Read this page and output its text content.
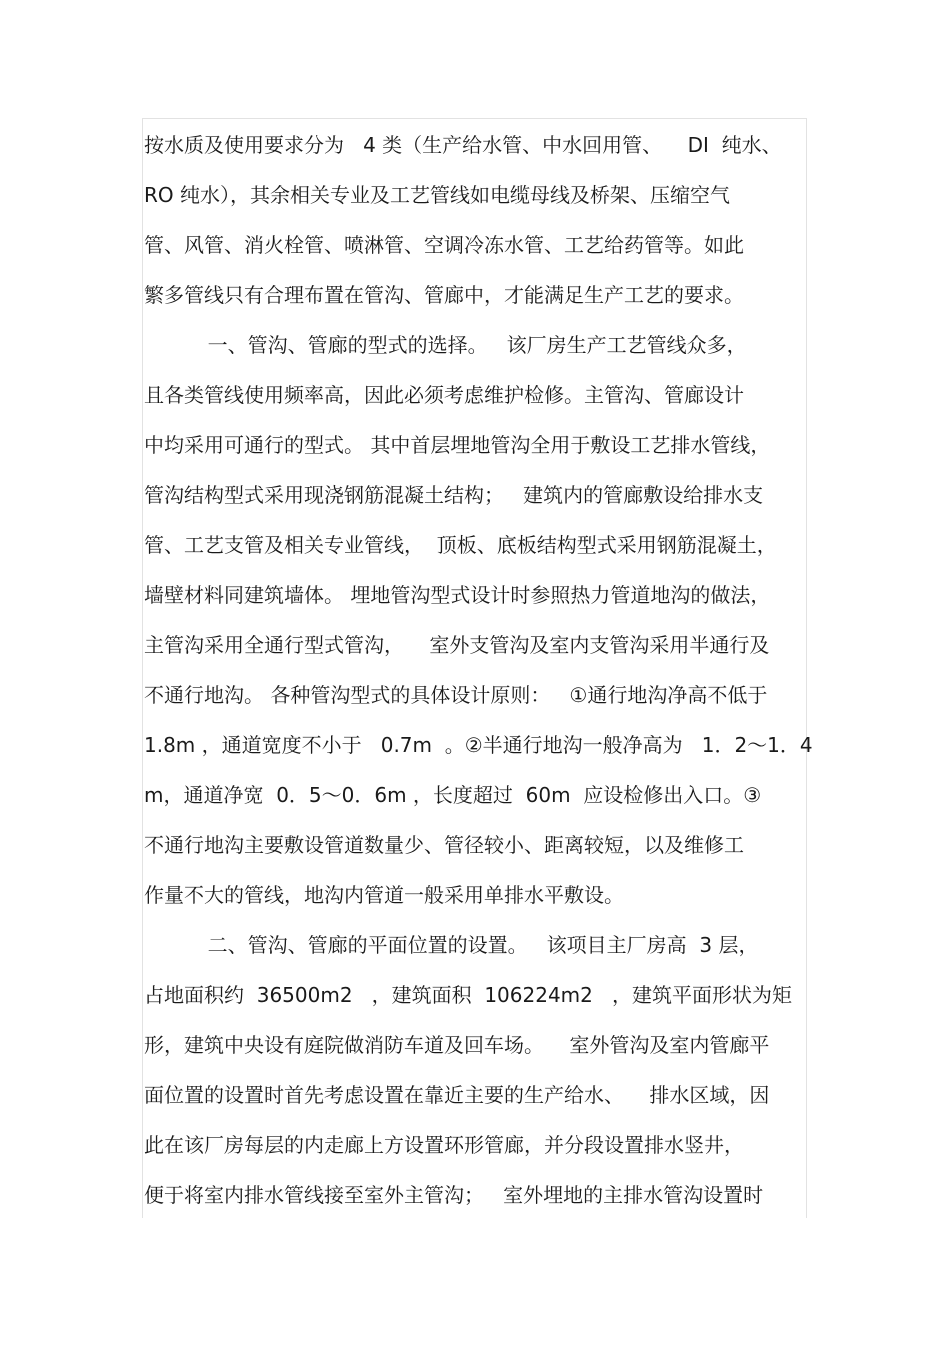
按水质及使用要求分为   4 类（生产给水管、中水回用管、    DI  纯水、
RO 纯水），其余相关专业及工艺管线如电缆母线及桥架、压缩空气
管、风管、消火栓管、喷淋管、空调冷冻水管、工艺给药管等。如此
繁多管线只有合理布置在管沟、管廊中，才能满足生产工艺的要求。
一、管沟、管廊的型式的选择。   该厂房生产工艺管线众多，
且各类管线使用频率高，因此必须考虑维护检修。主管沟、管廊设计
中均采用可通行的型式。 其中首层埋地管沟全用于敷设工艺排水管线，
管沟结构型式采用现浇钢筋混凝土结构；   建筑内的管廊敷设给排水支
管、工艺支管及相关专业管线，  顶板、底板结构型式采用钢筋混凝土，
墙壁材料同建筑墙体。 埋地管沟型式设计时参照热力管道地沟的做法，
主管沟采用全通行型式管沟，    室外支管沟及室内支管沟采用半通行及
不通行地沟。 各种管沟型式的具体设计原则：   ①通行地沟净高不低于
1.8m ，通道宽度不小于   0.7m  。②半通行地沟一般净高为   1．2～1．4
m，通道净宽  0．5～0．6m ，长度超过  60m  应设检修出入口。③
不通行地沟主要敷设管道数量少、管径较小、距离较短，以及维修工
作量不大的管线，地沟内管道一般采用单排水平敷设。
二、管沟、管廊的平面位置的设置。   该项目主厂房高  3 层，
占地面积约  36500m2   ，建筑面积  106224m2   ，建筑平面形状为矩
形，建筑中央设有庭院做消防车道及回车场。    室外管沟及室内管廊平
面位置的设置时首先考虑设置在靠近主要的生产给水、    排水区域，因
此在该厂房每层的内走廊上方设置环形管廊，并分段设置排水竖井，
便于将室内排水管线接至室外主管沟；   室外埋地的主排水管沟设置时
